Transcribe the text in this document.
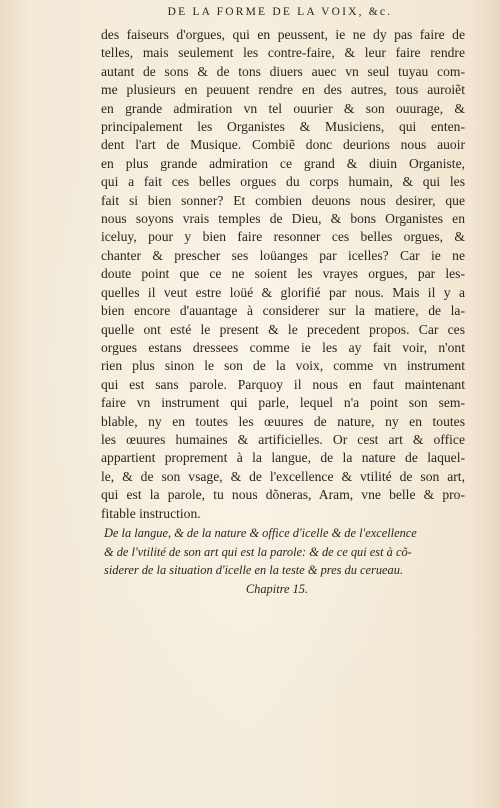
DE LA FORME DE LA VOIX, &c.
des faiseurs d'orgues, qui en peussent, ie ne dy pas faire de
telles, mais seulement les contre-faire, & leur faire rendre
autant de sons & de tons diuers auec vn seul tuyau com-
me plusieurs en peuuent rendre en des autres, tous auroiẽt
en grande admiration vn tel ouurier & son ouurage, &
principalement les Organistes & Musiciens, qui enten-
dent l'art de Musique. Combiẽ donc deurions nous auoir
en plus grande admiration ce grand & diuin Organiste,
qui a fait ces belles orgues du corps humain, & qui les
fait si bien sonner? Et combien deuons nous desirer, que
nous soyons vrais temples de Dieu, & bons Organistes en
iceluy, pour y bien faire resonner ces belles orgues, &
chanter & prescher ses loüanges par icelles? Car ie ne
doute point que ce ne soient les vrayes orgues, par les-
quelles il veut estre loüé & glorifié par nous. Mais il y a
bien encore d'auantage à considerer sur la matiere, de la-
quelle ont esté le present & le precedent propos. Car ces
orgues estans dressees comme ie les ay fait voir, n'ont
rien plus sinon le son de la voix, comme vn instrument
qui est sans parole. Parquoy il nous en faut maintenant
faire vn instrument qui parle, lequel n'a point son sem-
blable, ny en toutes les œuures de nature, ny en toutes
les œuures humaines & artificielles. Or cest art & office
appartient proprement à la langue, de la nature de laquel-
le, & de son vsage, & de l'excellence & vtilité de son art,
qui est la parole, tu nous dõneras, Aram, vne belle & pro-
fitable instruction.
De la langue, & de la nature & office d'icelle & de l'excellence
& de l'vtilité de son art qui est la parole: & de ce qui est à cõ-
siderer de la situation d'icelle en la teste & pres du cerueau.
Chapitre 15.
